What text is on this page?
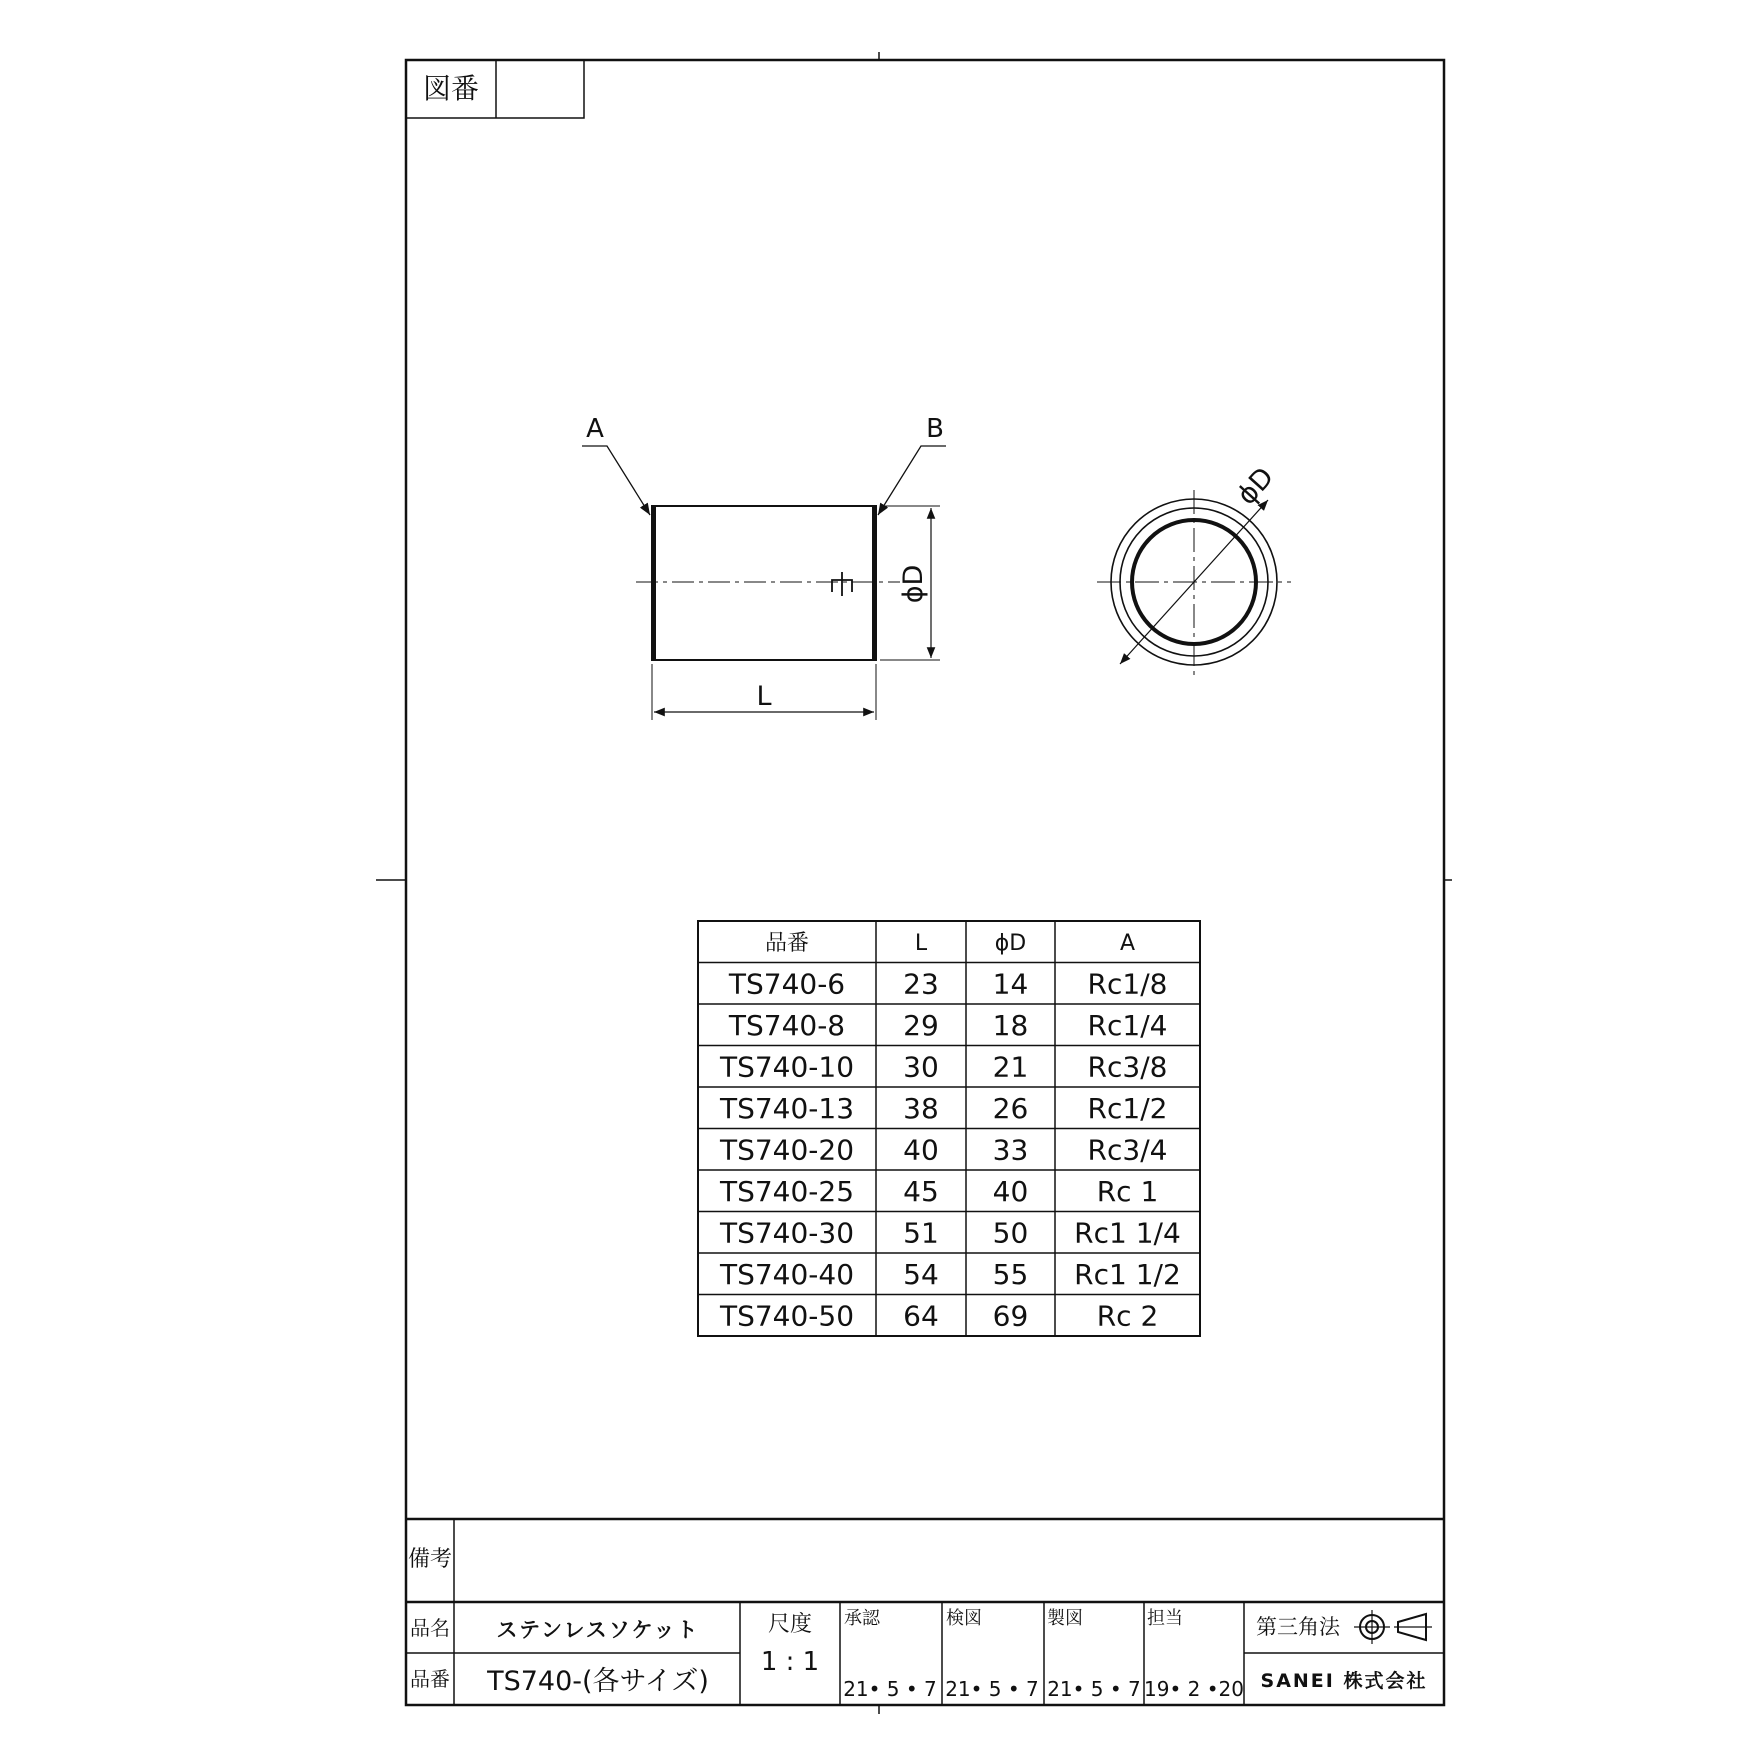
図番
A	B
ϕD
L
ϕD
品番	L	ϕD	A
TS740-6 23 14 Rc1/8
TS740-8 29 18 Rc1/4
TS740-10 30 21 Rc3/8
TS740-13 38 26 Rc1/2
TS740-20 40 33 Rc3/4
TS740-25 45 40 Rc 1
TS740-30 51 50 Rc1 1/4
TS740-40 54 55 Rc1 1/2
TS740-50 64 69 Rc 2
備考
品名 ステンレスソケット
品番 TS740-(各サイズ)
尺度
1 : 1
承認
21• 5 • 7
検図
21• 5 • 7
製図
21• 5 • 7
担当
19• 2 •20
第三角法
SANEI 株式会社
